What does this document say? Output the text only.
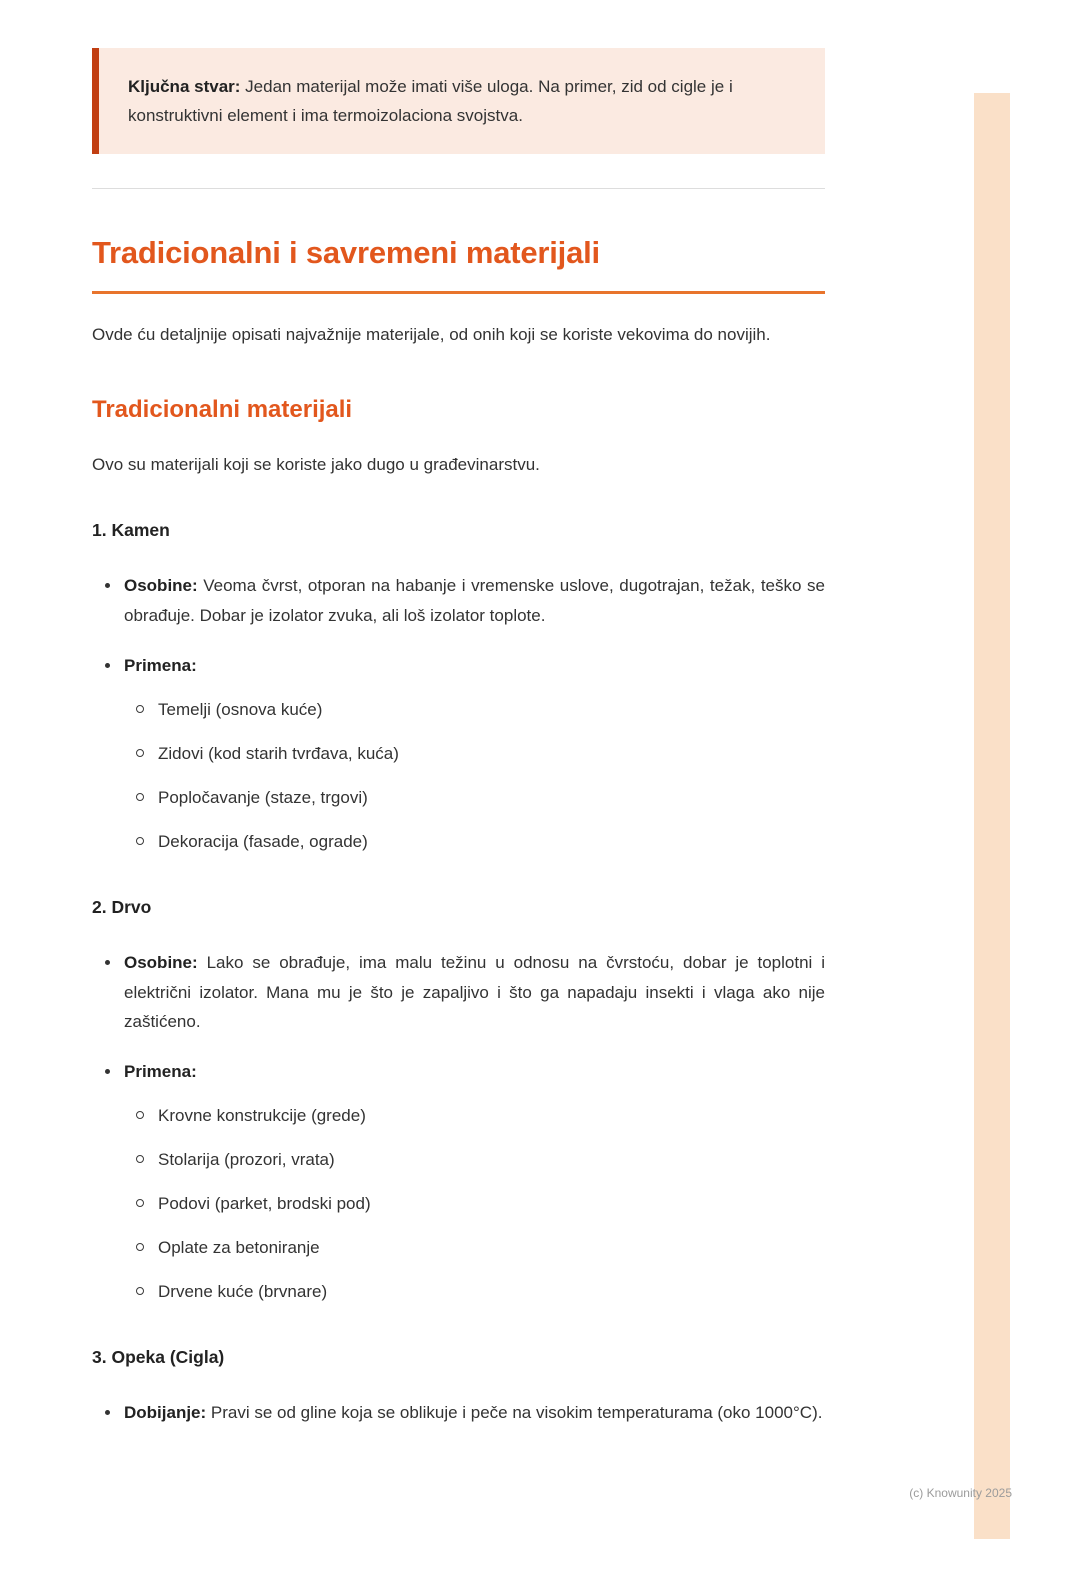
Ključna stvar: Jedan materijal može imati više uloga. Na primer, zid od cigle je i konstruktivni element i ima termoizolaciona svojstva.

Tradicionalni i savremeni materijali

Ovde ću detaljnije opisati najvažnije materijale, od onih koji se koriste vekovima do novijih.

Tradicionalni materijali

Ovo su materijali koji se koriste jako dugo u građevinarstvu.

1. Kamen

Osobine: Veoma čvrst, otporan na habanje i vremenske uslove, dugotrajan, težak, teško se obrađuje. Dobar je izolator zvuka, ali loš izolator toplote.

Primena:

Temelji (osnova kuće)
Zidovi (kod starih tvrđava, kuća)
Popločavanje (staze, trgovi)
Dekoracija (fasade, ograde)
2. Drvo

Osobine: Lako se obrađuje, ima malu težinu u odnosu na čvrstoću, dobar je toplotni i električni izolator. Mana mu je što je zapaljivo i što ga napadaju insekti i vlaga ako nije zaštićeno.

Primena:

Krovne konstrukcije (grede)
Stolarija (prozori, vrata)
Podovi (parket, brodski pod)
Oplate za betoniranje
Drvene kuće (brvnare)
3. Opeka (Cigla)

Dobijanje: Pravi se od gline koja se oblikuje i peče na visokim temperaturama (oko 1000°C).

(c) Knowunity 2025
